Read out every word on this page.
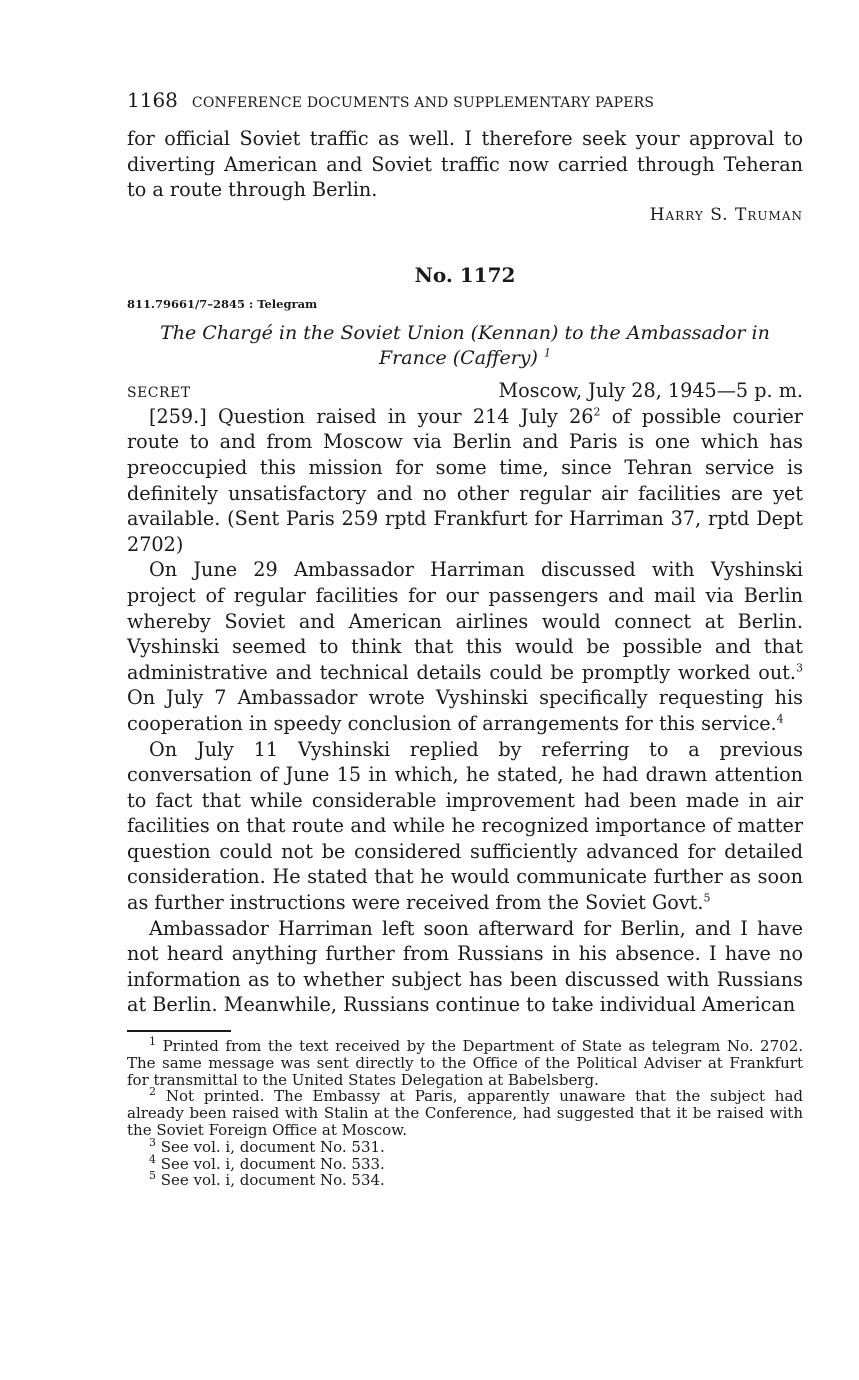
1168 CONFERENCE DOCUMENTS AND SUPPLEMENTARY PAPERS

for official Soviet traffic as well. I therefore seek your approval to diverting American and Soviet traffic now carried through Teheran to a route through Berlin.

Harry S. Truman
No. 1172
811.79661/7–2845 : Telegram
The Chargé in the Soviet Union (Kennan) to the Ambassador in France (Caffery) $^1$
SECRET	Moscow, July 28, 1945—5 p. m.

[259.] Question raised in your 214 July $26^2$ of possible courier route to and from Moscow via Berlin and Paris is one which has preoccupied this mission for some time, since Tehran service is definitely unsatisfactory and no other regular air facilities are yet available. (Sent Paris 259 rptd Frankfurt for Harriman 37, rptd Dept 2702)

On June 29 Ambassador Harriman discussed with Vyshinski project of regular facilities for our passengers and mail via Berlin whereby Soviet and American airlines would connect at Berlin. Vyshinski seemed to think that this would be possible and that administrative and technical details could be promptly worked out.$^3$ On July 7 Ambassador wrote Vyshinski specifically requesting his cooperation in speedy conclusion of arrangements for this service.$^4$

On July 11 Vyshinski replied by referring to a previous conversation of June 15 in which, he stated, he had drawn attention to fact that while considerable improvement had been made in air facilities on that route and while he recognized importance of matter question could not be considered sufficiently advanced for detailed consideration. He stated that he would communicate further as soon as further instructions were received from the Soviet Govt.$^5$

Ambassador Harriman left soon afterward for Berlin, and I have not heard anything further from Russians in his absence. I have no information as to whether subject has been discussed with Russians at Berlin. Meanwhile, Russians continue to take individual American

$^1$ Printed from the text received by the Department of State as telegram No. 2702. The same message was sent directly to the Office of the Political Adviser at Frankfurt for transmittal to the United States Delegation at Babelsberg.

$^2$ Not printed. The Embassy at Paris, apparently unaware that the subject had already been raised with Stalin at the Conference, had suggested that it be raised with the Soviet Foreign Office at Moscow.

$^3$ See vol. i, document No. 531.

$^4$ See vol. i, document No. 533.

$^5$ See vol. i, document No. 534.
